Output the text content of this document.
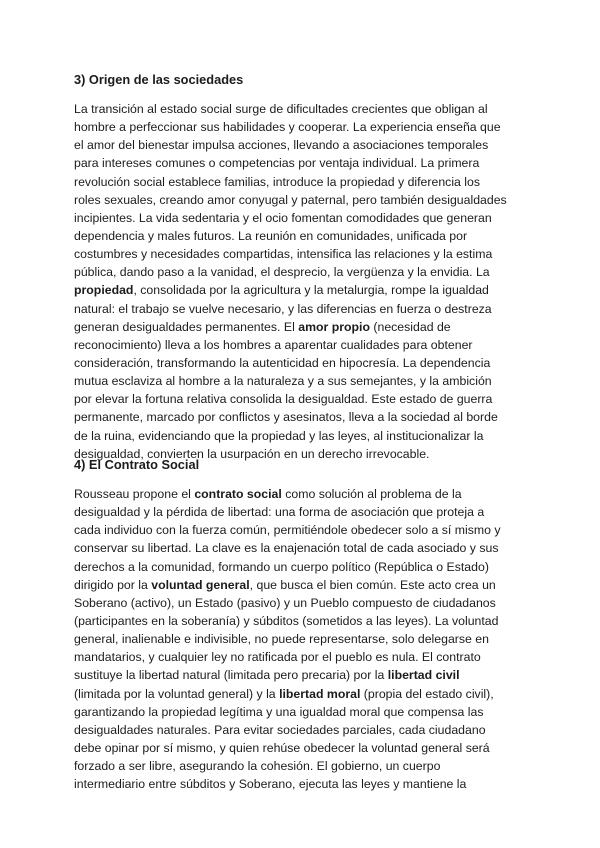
3) Origen de las sociedades
La transición al estado social surge de dificultades crecientes que obligan al
hombre a perfeccionar sus habilidades y cooperar. La experiencia enseña que
el amor del bienestar impulsa acciones, llevando a asociaciones temporales
para intereses comunes o competencias por ventaja individual. La primera
revolución social establece familias, introduce la propiedad y diferencia los
roles sexuales, creando amor conyugal y paternal, pero también desigualdades
incipientes. La vida sedentaria y el ocio fomentan comodidades que generan
dependencia y males futuros. La reunión en comunidades, unificada por
costumbres y necesidades compartidas, intensifica las relaciones y la estima
pública, dando paso a la vanidad, el desprecio, la vergüenza y la envidia. La
propiedad, consolidada por la agricultura y la metalurgia, rompe la igualdad
natural: el trabajo se vuelve necesario, y las diferencias en fuerza o destreza
generan desigualdades permanentes. El amor propio (necesidad de
reconocimiento) lleva a los hombres a aparentar cualidades para obtener
consideración, transformando la autenticidad en hipocresía. La dependencia
mutua esclaviza al hombre a la naturaleza y a sus semejantes, y la ambición
por elevar la fortuna relativa consolida la desigualdad. Este estado de guerra
permanente, marcado por conflictos y asesinatos, lleva a la sociedad al borde
de la ruina, evidenciando que la propiedad y las leyes, al institucionalizar la
desigualdad, convierten la usurpación en un derecho irrevocable.
4) El Contrato Social
Rousseau propone el contrato social como solución al problema de la
desigualdad y la pérdida de libertad: una forma de asociación que proteja a
cada individuo con la fuerza común, permitiéndole obedecer solo a sí mismo y
conservar su libertad. La clave es la enajenación total de cada asociado y sus
derechos a la comunidad, formando un cuerpo político (República o Estado)
dirigido por la voluntad general, que busca el bien común. Este acto crea un
Soberano (activo), un Estado (pasivo) y un Pueblo compuesto de ciudadanos
(participantes en la soberanía) y súbditos (sometidos a las leyes). La voluntad
general, inalienable e indivisible, no puede representarse, solo delegarse en
mandatarios, y cualquier ley no ratificada por el pueblo es nula. El contrato
sustituye la libertad natural (limitada pero precaria) por la libertad civil
(limitada por la voluntad general) y la libertad moral (propia del estado civil),
garantizando la propiedad legítima y una igualdad moral que compensa las
desigualdades naturales. Para evitar sociedades parciales, cada ciudadano
debe opinar por sí mismo, y quien rehúse obedecer la voluntad general será
forzado a ser libre, asegurando la cohesión. El gobierno, un cuerpo
intermediario entre súbditos y Soberano, ejecuta las leyes y mantiene la
